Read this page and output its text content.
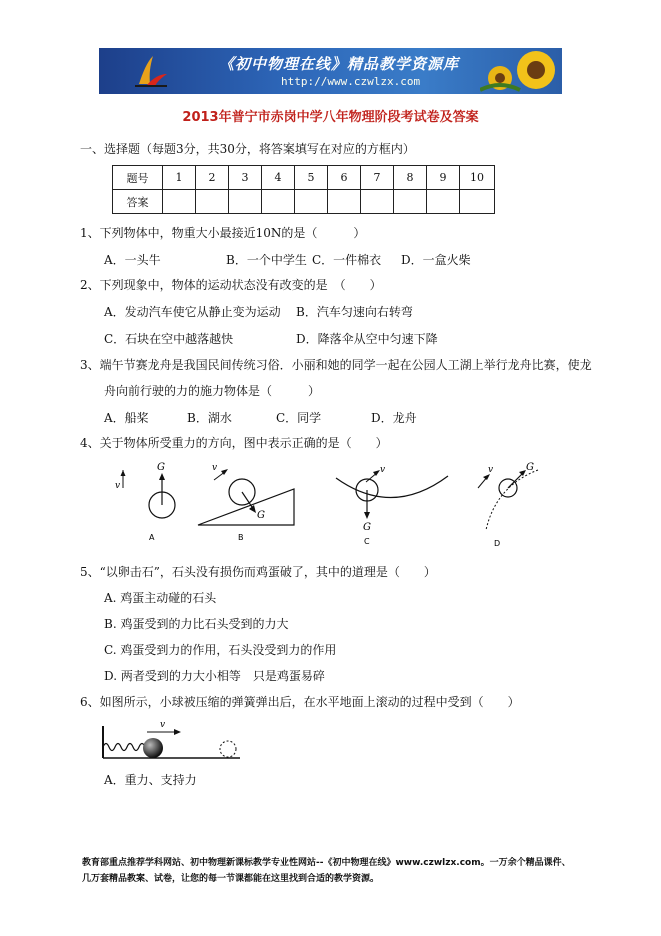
《初中物理在线》精品教学资源库
http://www.czwlzx.com
2013年普宁市赤岗中学八年物理阶段考试卷及答案
一、选择题（每题3分，共30分，将答案填写在对应的方框内）
题号	1	2	3	4	5	6	7	8	9	10
答案										
1、下列物体中，物重大小最接近10N的是（　　　）
A．一头牛	B．一个中学生 C．一件棉衣 D．一盒火柴
2、下列现象中，物体的运动状态没有改变的是　（　　）
A．发动汽车使它从静止变为运动 B．汽车匀速向右转弯
C．石块在空中越落越快	D．降落伞从空中匀速下降
3、端午节赛龙舟是我国民间传统习俗．小丽和她的同学一起在公园人工湖上举行龙舟比赛，使龙
舟向前行驶的力的施力物体是（　　　）
A．船桨	B．湖水	C．同学	D．龙舟
4、关于物体所受重力的方向，图中表示正确的是（　　）
G
v
A
v
G
B
v
G
C
v	G
D
5、“以卵击石”，石头没有损伤而鸡蛋破了，其中的道理是（　　）
A. 鸡蛋主动碰的石头
B. 鸡蛋受到的力比石头受到的力大
C. 鸡蛋受到力的作用，石头没受到力的作用
D. 两者受到的力大小相等　只是鸡蛋易碎
6、如图所示，小球被压缩的弹簧弹出后，在水平地面上滚动的过程中受到（　　）
v
A．重力、支持力
教育部重点推荐学科网站、初中物理新课标教学专业性网站--《初中物理在线》www.czwlzx.com。一万余个精品课件、
几万套精品教案、试卷，让您的每一节课都能在这里找到合适的教学资源。
